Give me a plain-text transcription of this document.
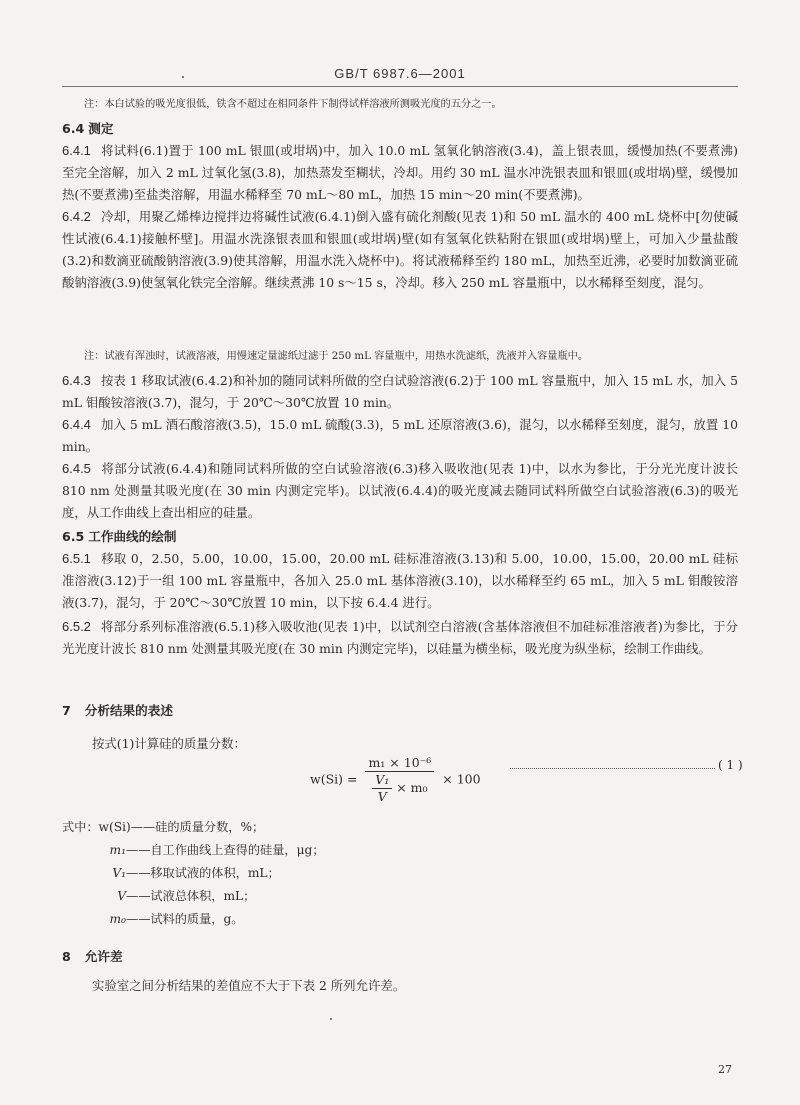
GB/T 6987.6—2001

注：本白试验的吸光度很低，铁含不超过在相同条件下制得试样溶液所测吸光度的五分之一。

6.4 测定

6.4.1 将试料(6.1)置于 100 mL 银皿(或坩埚)中，加入 10.0 mL 氢氧化钠溶液(3.4)，盖上银表皿，缓慢加热(不要煮沸)至完全溶解，加入 2 mL 过氧化氢(3.8)，加热蒸发至糊状，冷却。用约 30 mL 温水冲洗银表皿和银皿(或坩埚)壁，缓慢加热(不要煮沸)至盐类溶解，用温水稀释至 70 mL～80 mL，加热 15 min～20 min(不要煮沸)。

6.4.2 冷却，用聚乙烯棒边搅拌边将碱性试液(6.4.1)倒入盛有硫化剂酸(见表 1)和 50 mL 温水的 400 mL 烧杯中[勿使碱性试液(6.4.1)接触杯壁]。用温水洗涤银表皿和银皿(或坩埚)壁(如有氢氧化铁粘附在银皿(或坩埚)壁上，可加入少量盐酸(3.2)和数滴亚硫酸钠溶液(3.9)使其溶解，用温水洗入烧杯中)。将试液稀释至约 180 mL，加热至近沸，必要时加数滴亚硫酸钠溶液(3.9)使氢氧化铁完全溶解。继续煮沸 10 s～15 s，冷却。移入 250 mL 容量瓶中，以水稀释至刻度，混匀。

注：试液有浑浊时，试液溶液，用慢速定量滤纸过滤于 250 mL 容量瓶中，用热水洗滤纸，洗液并入容量瓶中。

6.4.3 按表 1 移取试液(6.4.2)和补加的随同试料所做的空白试验溶液(6.2)于 100 mL 容量瓶中，加入 15 mL 水，加入 5 mL 钼酸铵溶液(3.7)，混匀，于 20℃～30℃放置 10 min。

6.4.4 加入 5 mL 酒石酸溶液(3.5)，15.0 mL 硫酸(3.3)，5 mL 还原溶液(3.6)，混匀，以水稀释至刻度，混匀，放置 10 min。

6.4.5 将部分试液(6.4.4)和随同试料所做的空白试验溶液(6.3)移入吸收池(见表 1)中，以水为参比，于分光光度计波长 810 nm 处测量其吸光度(在 30 min 内测定完毕)。以试液(6.4.4)的吸光度减去随同试料所做空白试验溶液(6.3)的吸光度，从工作曲线上查出相应的硅量。

6.5 工作曲线的绘制

6.5.1 移取 0，2.50，5.00，10.00，15.00，20.00 mL 硅标准溶液(3.13)和 5.00，10.00，15.00，20.00 mL 硅标准溶液(3.12)于一组 100 mL 容量瓶中，各加入 25.0 mL 基体溶液(3.10)，以水稀释至约 65 mL，加入 5 mL 钼酸铵溶液(3.7)，混匀，于 20℃～30℃放置 10 min，以下按 6.4.4 进行。

6.5.2 将部分系列标准溶液(6.5.1)移入吸收池(见表 1)中，以试剂空白溶液(含基体溶液但不加硅标准溶液者)为参比，于分光光度计波长 810 nm 处测量其吸光度(在 30 min 内测定完毕)，以硅量为横坐标，吸光度为纵坐标，绘制工作曲线。

7 分析结果的表述

按式(1)计算硅的质量分数：

$w(Si) = \frac{\text{m₁ × 10⁻⁶}}{\frac{\text{V₁}}{V} \times m_0} \times 100$
( 1 )
式中：w(Si)——硅的质量分数，%；
m₁——自工作曲线上查得的硅量，μg；
V₁——移取试液的体积，mL；
V——试液总体积，mL；
m₀——试料的质量，g。

8 允许差

实验室之间分析结果的差值应不大于下表 2 所列允许差。

27
